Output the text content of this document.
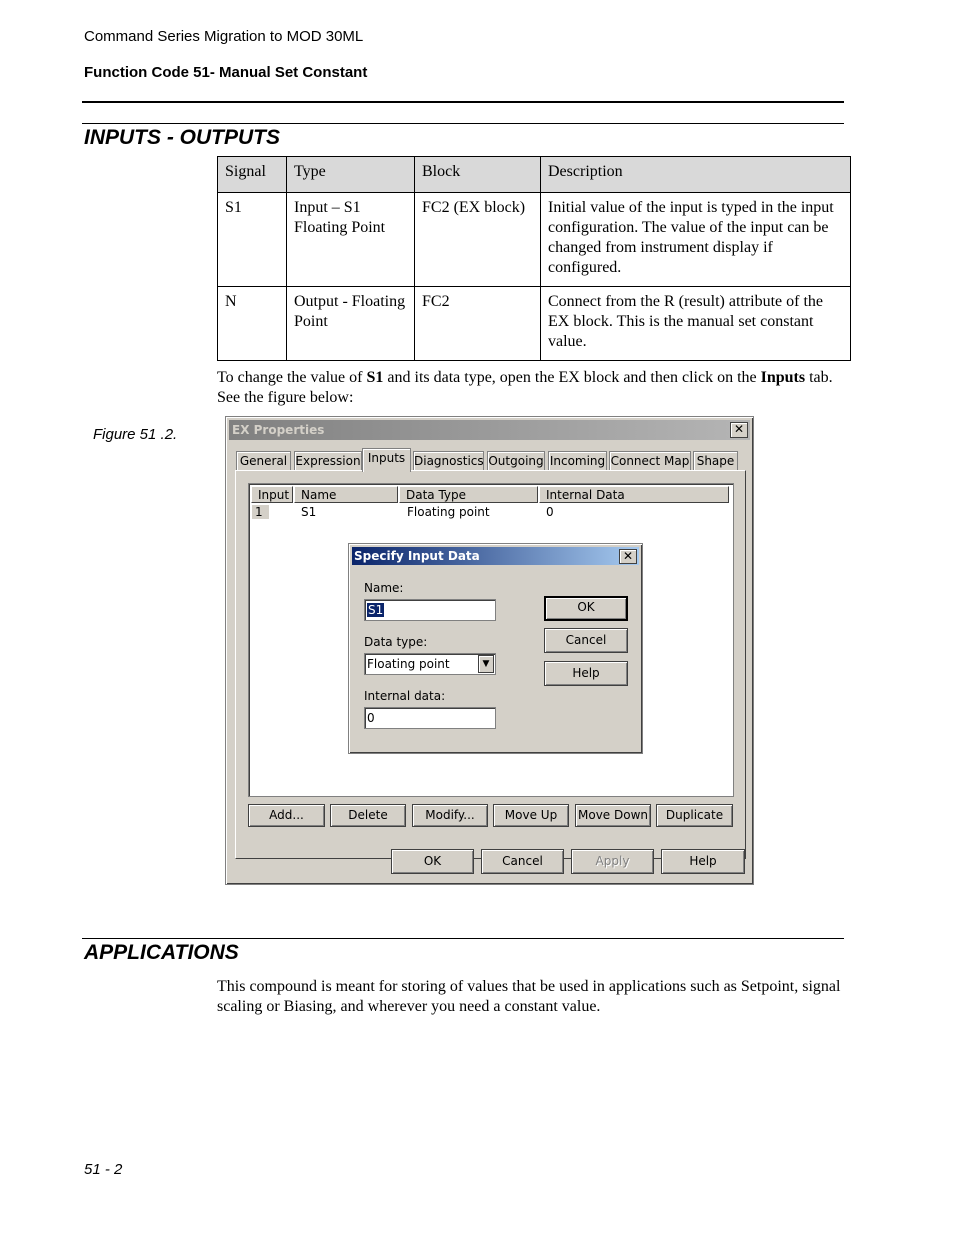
Command Series Migration to MOD 30ML
Function Code 51- Manual Set Constant
INPUTS - OUTPUTS
Signal	Type	Block	Description
S1	Input – S1 Floating Point	FC2 (EX block)	Initial value of the input is typed in the input configuration. The value of the input can be changed from instrument display if configured.
N	Output - Floating Point	FC2	Connect from the R (result) attribute of the EX block. This is the manual set constant value.
To change the value of S1 and its data type, open the EX block and then click on the Inputs tab. See the figure below:
Figure 51 .2.	EX Properties	✕
General Expression Inputs Diagnostics Outgoing Incoming Connect Map Shape
Input Name	Data Type	Internal Data
1	S1	Floating point	0
Specify Input Data	✕
Name:
S1
Data type:
Floating point	▼
Internal data:
0
OK
Cancel
Help
Add...	Delete	Modify...	Move Up	Move Down	Duplicate
OK	Cancel	Apply	Help
APPLICATIONS
This compound is meant for storing of values that be used in applications such as Setpoint, signal scaling or Biasing, and wherever you need a constant value.
51 - 2
